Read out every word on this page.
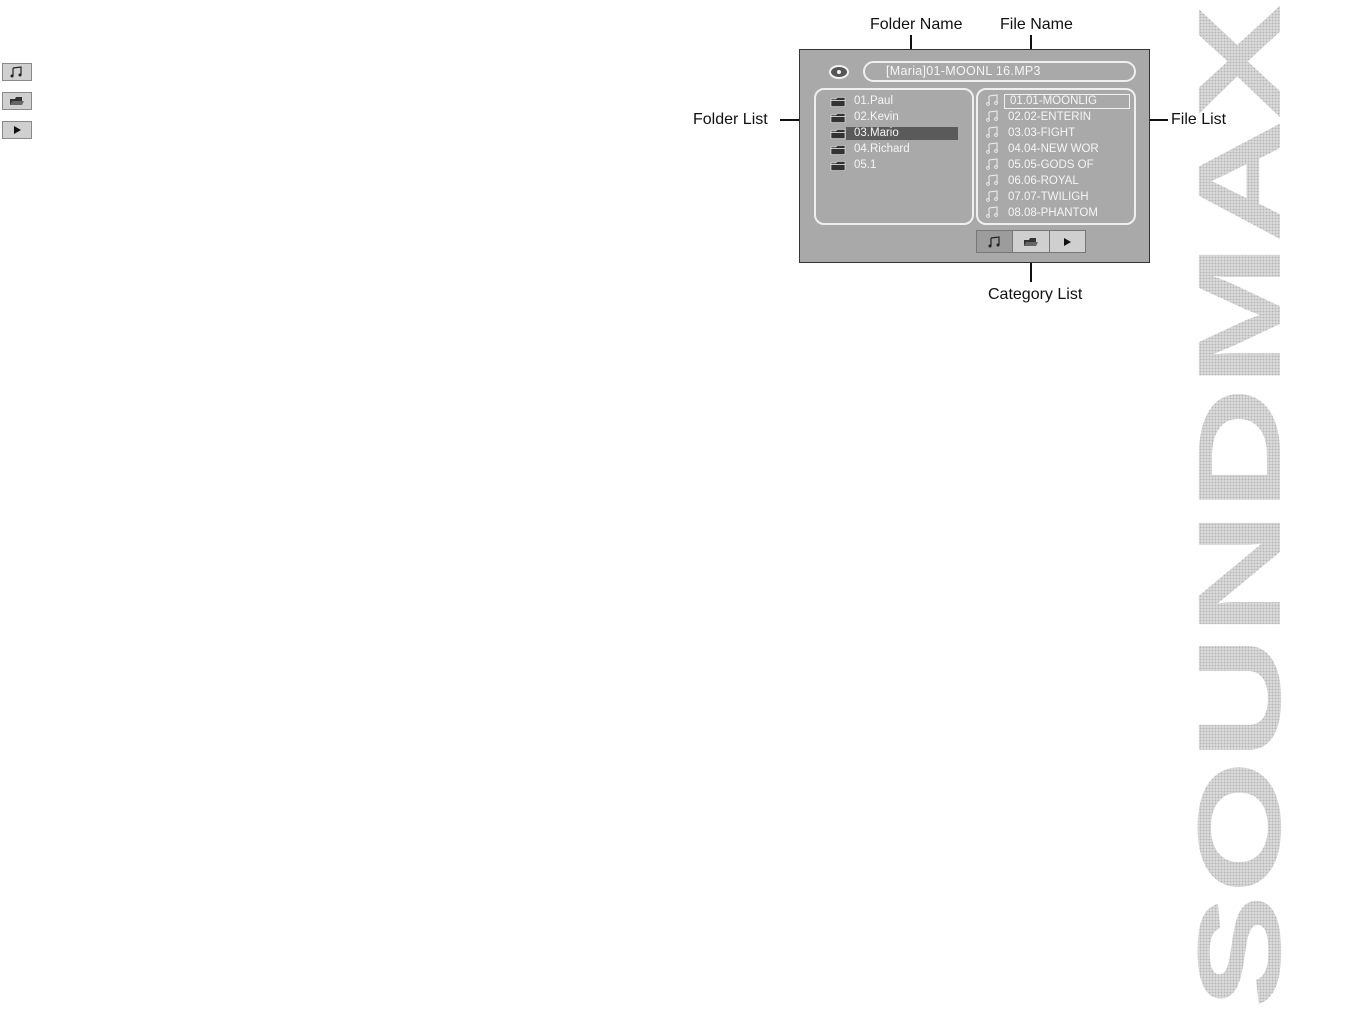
Folder Name File Name
Folder List	File List
Category List
[Maria]01-MOONL 16.MP3
01.Paul
02.Kevin
03.Mario
04.Richard
05.1
01.01-MOONLIG
02.02-ENTERIN
03.03-FIGHT
04.04-NEW WOR
05.05-GODS OF
06.06-ROYAL
07.07-TWILIGH
08.08-PHANTOM
SOUNDMAX
